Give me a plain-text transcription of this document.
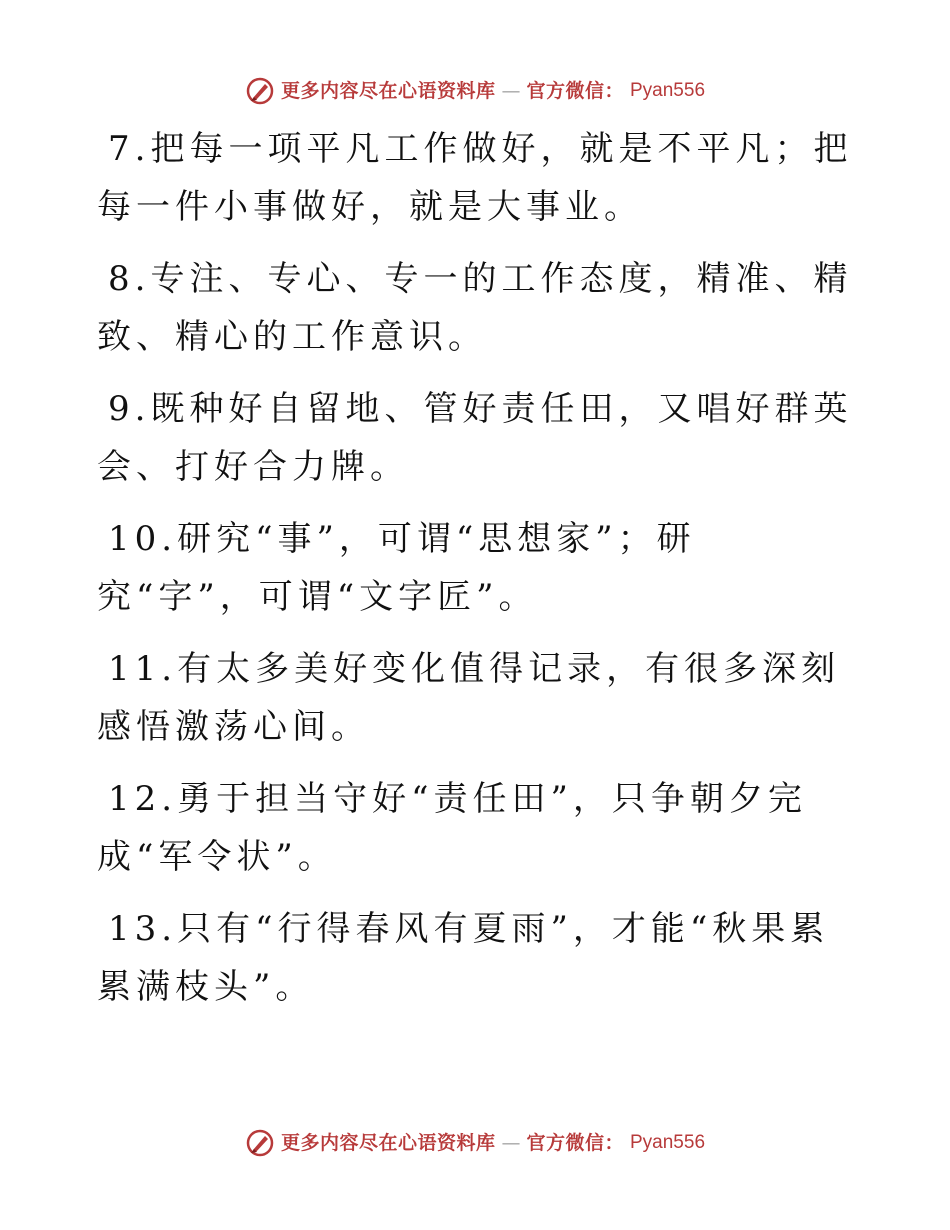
更多内容尽在心语资料库 — 官方微信： Pyan556

7.把每一项平凡工作做好，就是不平凡；把每一件小事做好，就是大事业。

8.专注、专心、专一的工作态度，精准、精致、精心的工作意识。

9.既种好自留地、管好责任田，又唱好群英会、打好合力牌。

10.研究“事”，可谓“思想家”；研究“字”，可谓“文字匠”。

11.有太多美好变化值得记录，有很多深刻感悟激荡心间。

12.勇于担当守好“责任田”，只争朝夕完成“军令状”。

13.只有“行得春风有夏雨”，才能“秋果累累满枝头”。

更多内容尽在心语资料库 — 官方微信： Pyan556
